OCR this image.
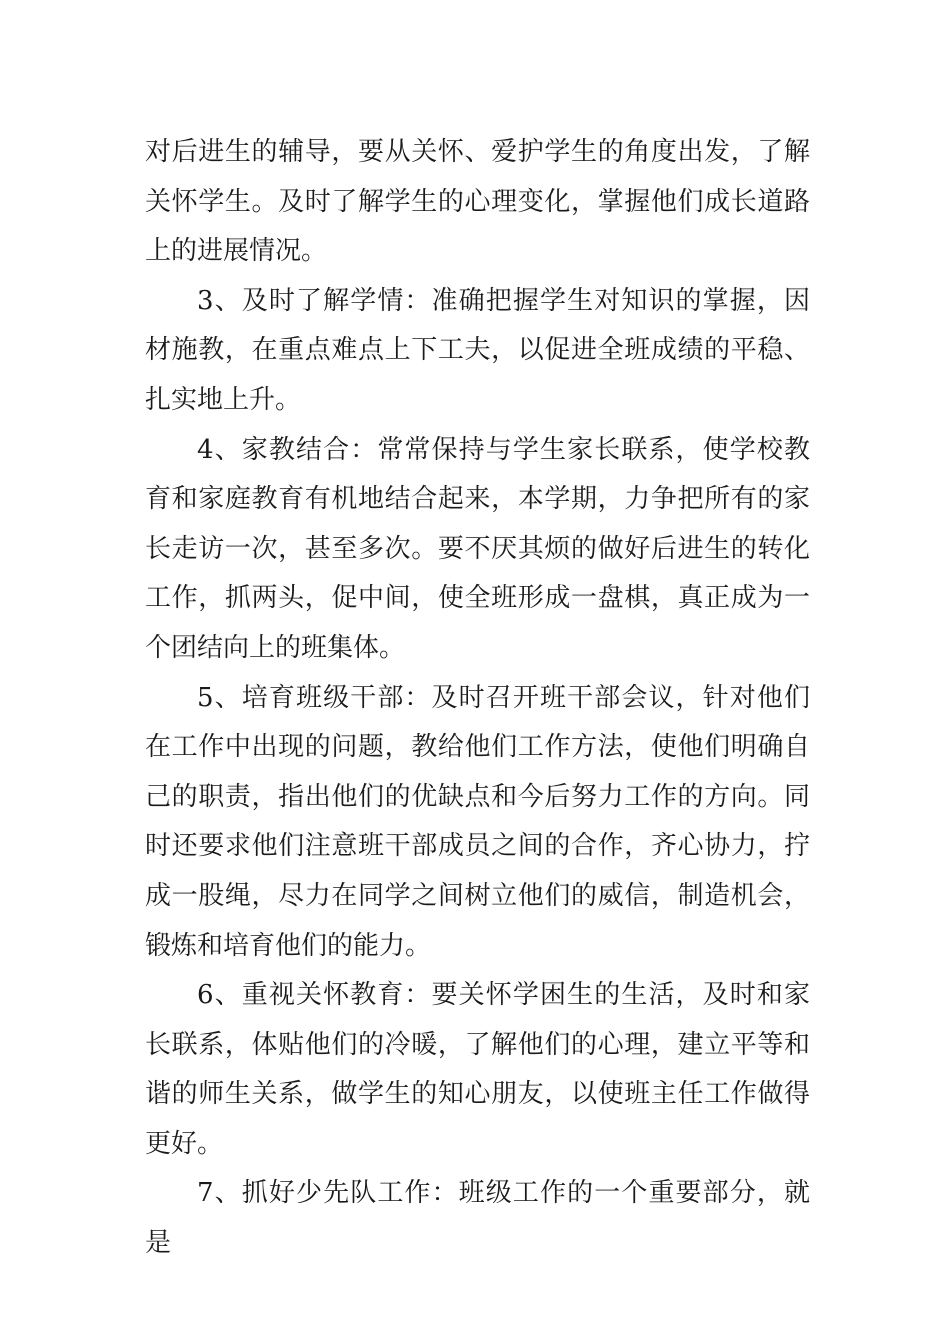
对后进生的辅导，要从关怀、爱护学生的角度出发，了解关怀学生。及时了解学生的心理变化，掌握他们成长道路上的进展情况。

3、及时了解学情：准确把握学生对知识的掌握，因材施教，在重点难点上下工夫，以促进全班成绩的平稳、扎实地上升。

4、家教结合：常常保持与学生家长联系，使学校教育和家庭教育有机地结合起来，本学期，力争把所有的家长走访一次，甚至多次。要不厌其烦的做好后进生的转化工作，抓两头，促中间，使全班形成一盘棋，真正成为一个团结向上的班集体。

5、培育班级干部：及时召开班干部会议，针对他们在工作中出现的问题，教给他们工作方法，使他们明确自己的职责，指出他们的优缺点和今后努力工作的方向。同时还要求他们注意班干部成员之间的合作，齐心协力，拧成一股绳，尽力在同学之间树立他们的威信，制造机会，锻炼和培育他们的能力。

6、重视关怀教育：要关怀学困生的生活，及时和家长联系，体贴他们的冷暖，了解他们的心理，建立平等和谐的师生关系，做学生的知心朋友，以使班主任工作做得更好。

7、抓好少先队工作：班级工作的一个重要部分，就是
